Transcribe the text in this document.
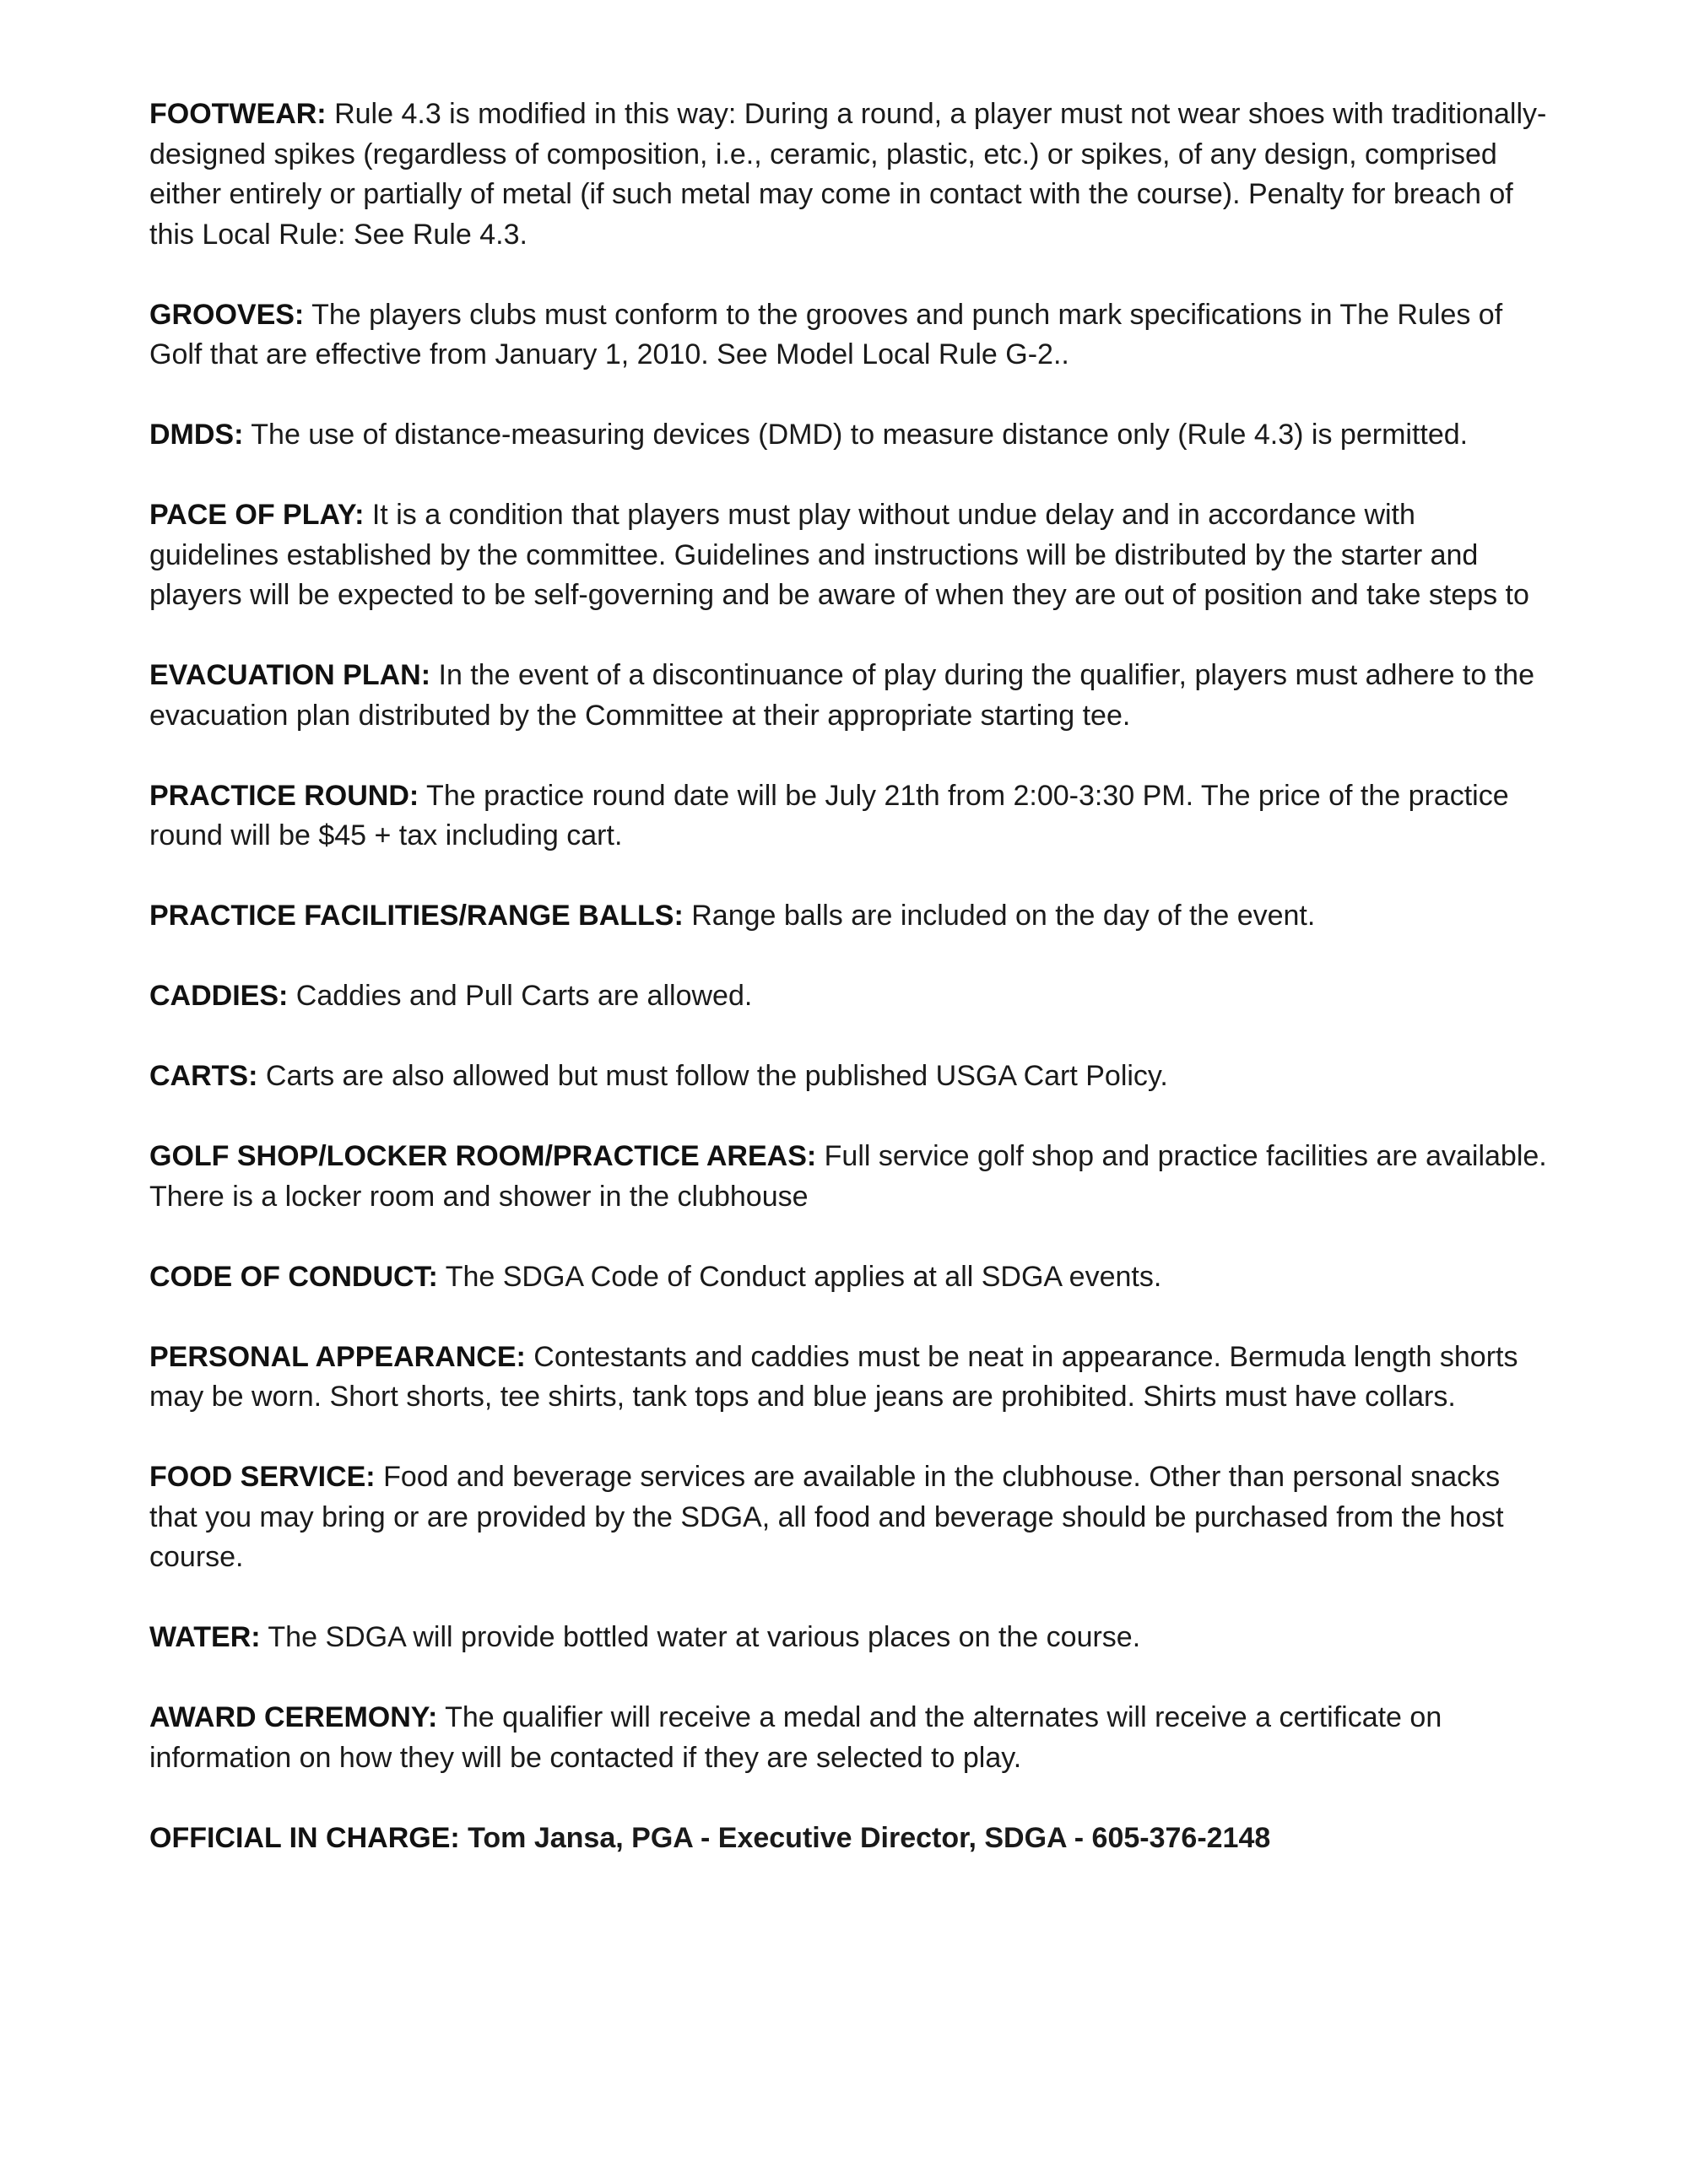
FOOTWEAR: Rule 4.3 is modified in this way: During a round, a player must not wear shoes with traditionally-designed spikes (regardless of composition, i.e., ceramic, plastic, etc.) or spikes, of any design, comprised either entirely or partially of metal (if such metal may come in contact with the course). Penalty for breach of this Local Rule: See Rule 4.3.

GROOVES: The players clubs must conform to the grooves and punch mark specifications in The Rules of Golf that are effective from January 1, 2010. See Model Local Rule G-2..

DMDS: The use of distance-measuring devices (DMD) to measure distance only (Rule 4.3) is permitted.

PACE OF PLAY: It is a condition that players must play without undue delay and in accordance with guidelines established by the committee. Guidelines and instructions will be distributed by the starter and players will be expected to be self-governing and be aware of when they are out of position and take steps to

EVACUATION PLAN: In the event of a discontinuance of play during the qualifier, players must adhere to the evacuation plan distributed by the Committee at their appropriate starting tee.

PRACTICE ROUND: The practice round date will be July 21th from 2:00-3:30 PM. The price of the practice round will be $45 + tax including cart.

PRACTICE FACILITIES/RANGE BALLS: Range balls are included on the day of the event.

CADDIES: Caddies and Pull Carts are allowed.

CARTS: Carts are also allowed but must follow the published USGA Cart Policy.

GOLF SHOP/LOCKER ROOM/PRACTICE AREAS: Full service golf shop and practice facilities are available. There is a locker room and shower in the clubhouse

CODE OF CONDUCT: The SDGA Code of Conduct applies at all SDGA events.

PERSONAL APPEARANCE: Contestants and caddies must be neat in appearance. Bermuda length shorts may be worn. Short shorts, tee shirts, tank tops and blue jeans are prohibited. Shirts must have collars.

FOOD SERVICE: Food and beverage services are available in the clubhouse. Other than personal snacks that you may bring or are provided by the SDGA, all food and beverage should be purchased from the host course.

WATER: The SDGA will provide bottled water at various places on the course.

AWARD CEREMONY: The qualifier will receive a medal and the alternates will receive a certificate on information on how they will be contacted if they are selected to play.

OFFICIAL IN CHARGE: Tom Jansa, PGA - Executive Director, SDGA - 605-376-2148
